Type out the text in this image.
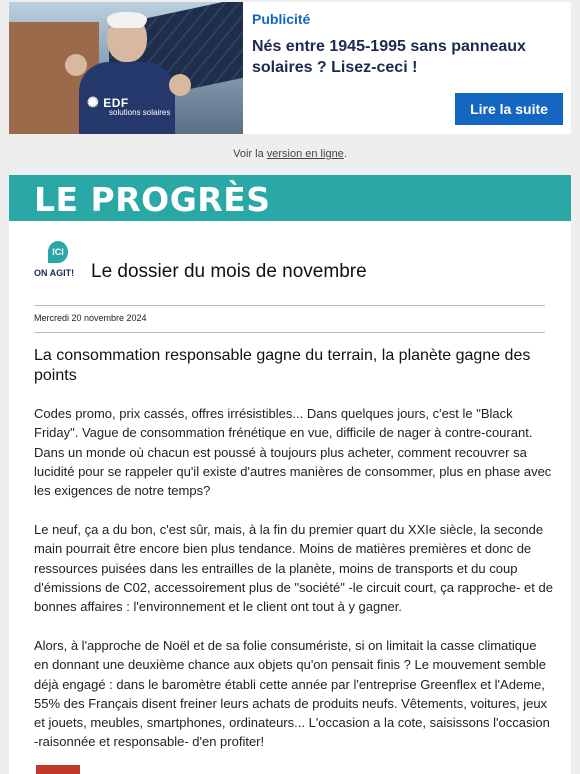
✺ EDF
solutions solaires
Publicité
Nés entre 1945-1995 sans panneaux solaires ? Lisez-ceci !
Lire la suite
Voir la version en ligne.
LE PROGRÈS
ICI
ON AGIT! Le dossier du mois de novembre
Mercredi 20 novembre 2024
La consommation responsable gagne du terrain, la planète gagne des points

Codes promo, prix cassés, offres irrésistibles... Dans quelques jours, c'est le "Black Friday". Vague de consommation frénétique en vue, difficile de nager à contre-courant. Dans un monde où chacun est poussé à toujours plus acheter, comment recouvrer sa lucidité pour se rappeler qu'il existe d'autres manières de consommer, plus en phase avec les exigences de notre temps?

Le neuf, ça a du bon, c'est sûr, mais, à la fin du premier quart du XXIe siècle, la seconde main pourrait être encore bien plus tendance. Moins de matières premières et donc de ressources puisées dans les entrailles de la planète, moins de transports et du coup d'émissions de C02, accessoirement plus de "société" -le circuit court, ça rapproche- et de bonnes affaires : l'environnement et le client ont tout à y gagner.

Alors, à l'approche de Noël et de sa folie consumériste, si on limitait la casse climatique en donnant une deuxième chance aux objets qu'on pensait finis ? Le mouvement semble déjà engagé : dans le baromètre établi cette année par l'entreprise Greenflex et l'Ademe, 55% des Français disent freiner leurs achats de produits neufs. Vêtements, voitures, jeux et jouets, meubles, smartphones, ordinateurs... L'occasion a la cote, saisissons l'occasion -raisonnée et responsable- d'en profiter!
